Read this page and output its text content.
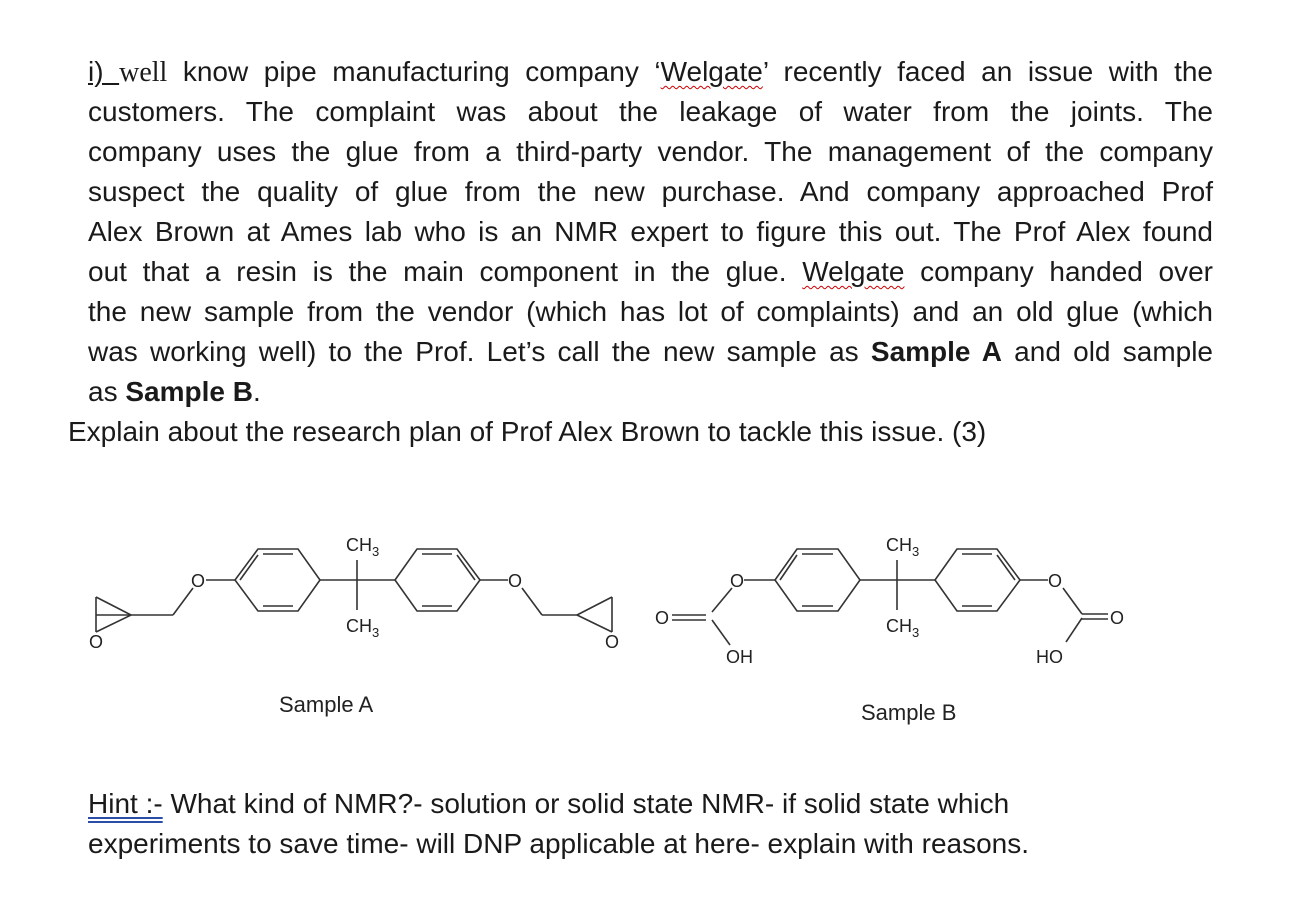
i) well know pipe manufacturing company ‘Welgate’ recently faced an issue with the
customers. The complaint was about the leakage of water from the joints. The
company uses the glue from a third-party vendor. The management of the company
suspect the quality of glue from the new purchase. And company approached Prof
Alex Brown at Ames lab who is an NMR expert to figure this out. The Prof Alex found
out that a resin is the main component in the glue. Welgate company handed over
the new sample from the vendor (which has lot of complaints) and an old glue (which
was working well) to the Prof. Let’s call the new sample as Sample A and old sample
as Sample B.
Explain about the research plan of Prof Alex Brown to tackle this issue. (3)
O
O
$CH_3$
$CH_3$
O
O
O
O
OH
$CH_3$
$CH_3$
O
O
HO
Sample A	Sample B
Hint :- What kind of NMR?- solution or solid state NMR- if solid state which
experiments to save time- will DNP applicable at here- explain with reasons.
